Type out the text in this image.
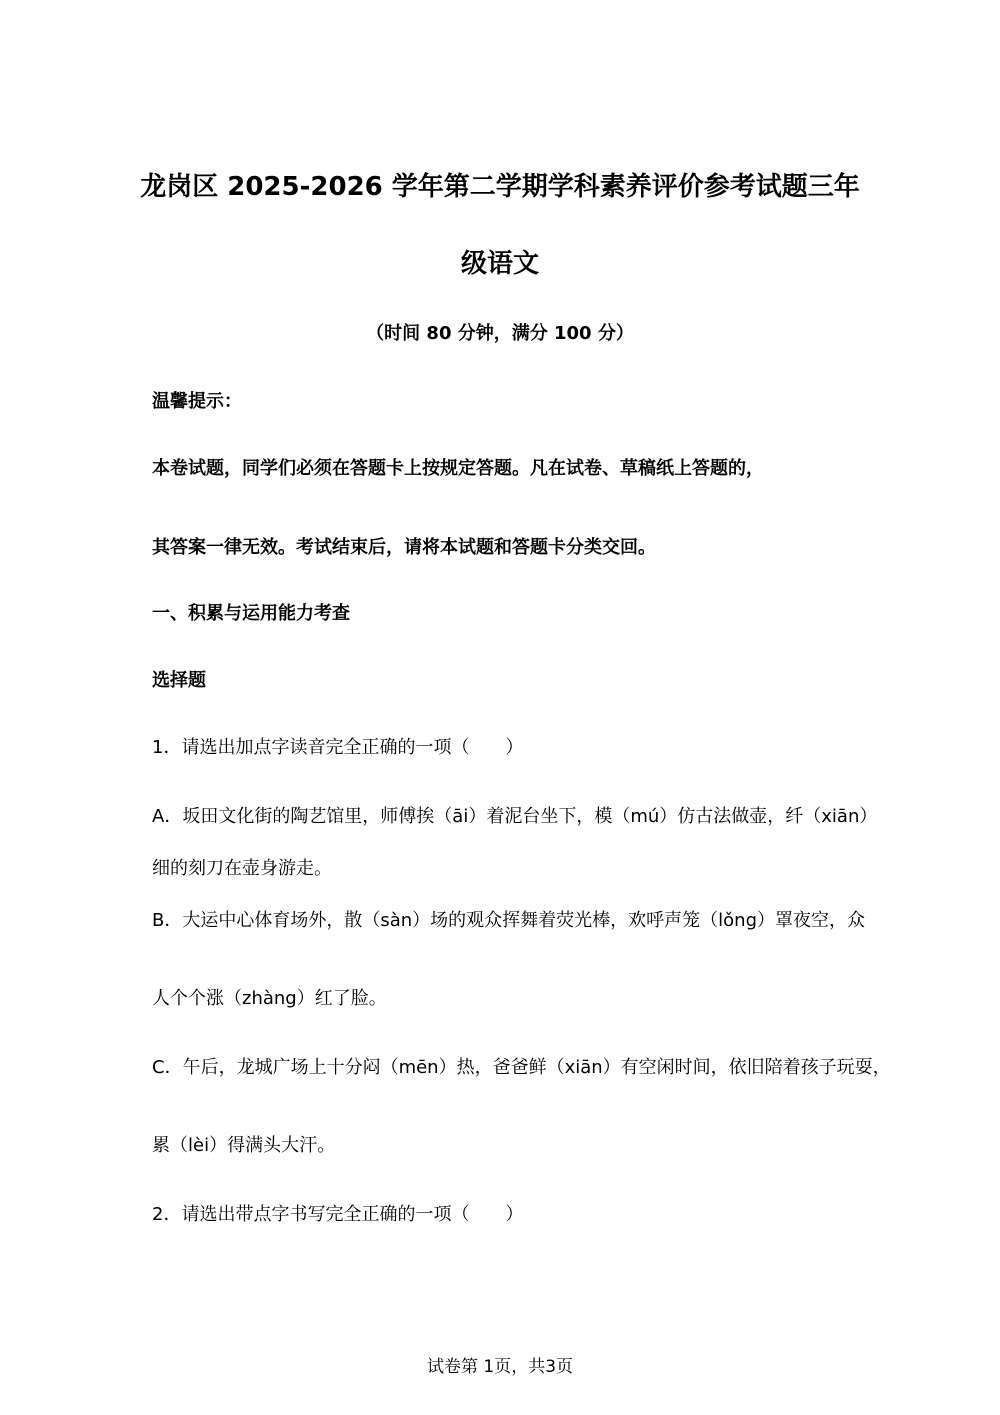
龙岗区 2025-2026 学年第二学期学科素养评价参考试题三年
级语文
（时间 80 分钟，满分 100 分）
温馨提示：
本卷试题，同学们必须在答题卡上按规定答题。凡在试卷、草稿纸上答题的，
其答案一律无效。考试结束后，请将本试题和答题卡分类交回。
一、积累与运用能力考查
选择题
1．请选出加点字读音完全正确的一项（　　）
A．坂田文化街的陶艺馆里，师傅挨（āi）着泥台坐下，模（mú）仿古法做壶，纤（xiān）
细的刻刀在壶身游走。
B．大运中心体育场外，散（sàn）场的观众挥舞着荧光棒，欢呼声笼（lǒng）罩夜空，众
人个个涨（zhàng）红了脸。
C．午后，龙城广场上十分闷（mēn）热，爸爸鲜（xiān）有空闲时间，依旧陪着孩子玩耍，
累（lèi）得满头大汗。
2．请选出带点字书写完全正确的一项（　　）
试卷第 1页，共3页
